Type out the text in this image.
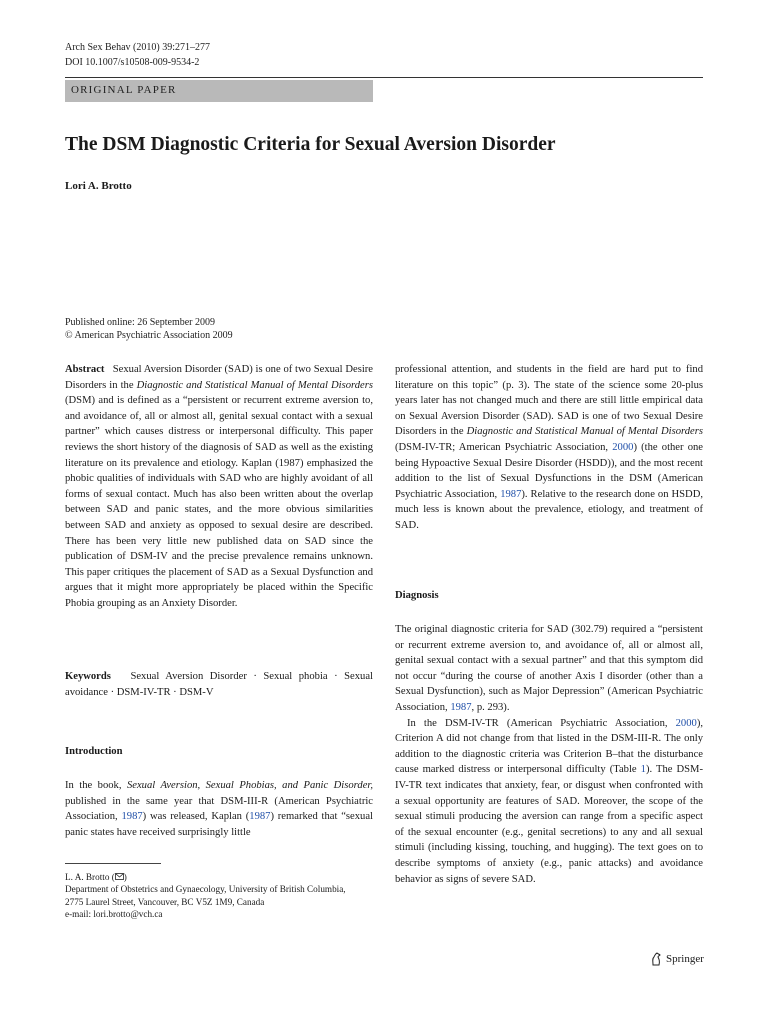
Arch Sex Behav (2010) 39:271–277
DOI 10.1007/s10508-009-9534-2
ORIGINAL PAPER
The DSM Diagnostic Criteria for Sexual Aversion Disorder
Lori A. Brotto
Published online: 26 September 2009
© American Psychiatric Association 2009

Abstract Sexual Aversion Disorder (SAD) is one of two Sexual Desire Disorders in the Diagnostic and Statistical Manual of Mental Disorders (DSM) and is defined as a “persistent or recurrent extreme aversion to, and avoidance of, all or almost all, genital sexual contact with a sexual partner” which causes distress or interpersonal difficulty. This paper reviews the short history of the diagnosis of SAD as well as the existing literature on its prevalence and etiology. Kaplan (1987) emphasized the phobic qualities of individuals with SAD who are highly avoidant of all forms of sexual contact. Much has also been written about the overlap between SAD and panic states, and the more obvious similarities between SAD and anxiety as opposed to sexual desire are described. There has been very little new published data on SAD since the publication of DSM-IV and the precise prevalence remains unknown. This paper critiques the placement of SAD as a Sexual Dysfunction and argues that it might more appropriately be placed within the Specific Phobia grouping as an Anxiety Disorder.

Keywords Sexual Aversion Disorder · Sexual phobia · Sexual avoidance · DSM-IV-TR · DSM-V

Introduction

In the book, Sexual Aversion, Sexual Phobias, and Panic Disorder, published in the same year that DSM-III-R (American Psychiatric Association, 1987) was released, Kaplan (1987) remarked that “sexual panic states have received surprisingly little

L. A. Brotto ( )
Department of Obstetrics and Gynaecology, University of British Columbia, 2775 Laurel Street, Vancouver, BC V5Z 1M9, Canada
e-mail: lori.brotto@vch.ca

professional attention, and students in the field are hard put to find literature on this topic” (p. 3). The state of the science some 20-plus years later has not changed much and there are still little empirical data on Sexual Aversion Disorder (SAD). SAD is one of two Sexual Desire Disorders in the Diagnostic and Statistical Manual of Mental Disorders (DSM-IV-TR; American Psychiatric Association, 2000) (the other one being Hypoactive Sexual Desire Disorder (HSDD)), and the most recent addition to the list of Sexual Dysfunctions in the DSM (American Psychiatric Association, 1987). Relative to the research done on HSDD, much less is known about the prevalence, etiology, and treatment of SAD.

Diagnosis

The original diagnostic criteria for SAD (302.79) required a “persistent or recurrent extreme aversion to, and avoidance of, all or almost all, genital sexual contact with a sexual partner” and that this symptom did not occur “during the course of another Axis I disorder (other than a Sexual Dysfunction), such as Major Depression” (American Psychiatric Association, 1987, p. 293).

In the DSM-IV-TR (American Psychiatric Association, 2000), Criterion A did not change from that listed in the DSM-III-R. The only addition to the diagnostic criteria was Criterion B–that the disturbance cause marked distress or interpersonal difficulty (Table 1). The DSM-IV-TR text indicates that anxiety, fear, or disgust when confronted with a sexual opportunity are features of SAD. Moreover, the scope of the sexual stimuli producing the aversion can range from a specific aspect of the sexual encounter (e.g., genital secretions) to any and all sexual stimuli (including kissing, touching, and hugging). The text goes on to describe symptoms of anxiety (e.g., panic attacks) and avoidance behavior as signs of severe SAD.

Springer
